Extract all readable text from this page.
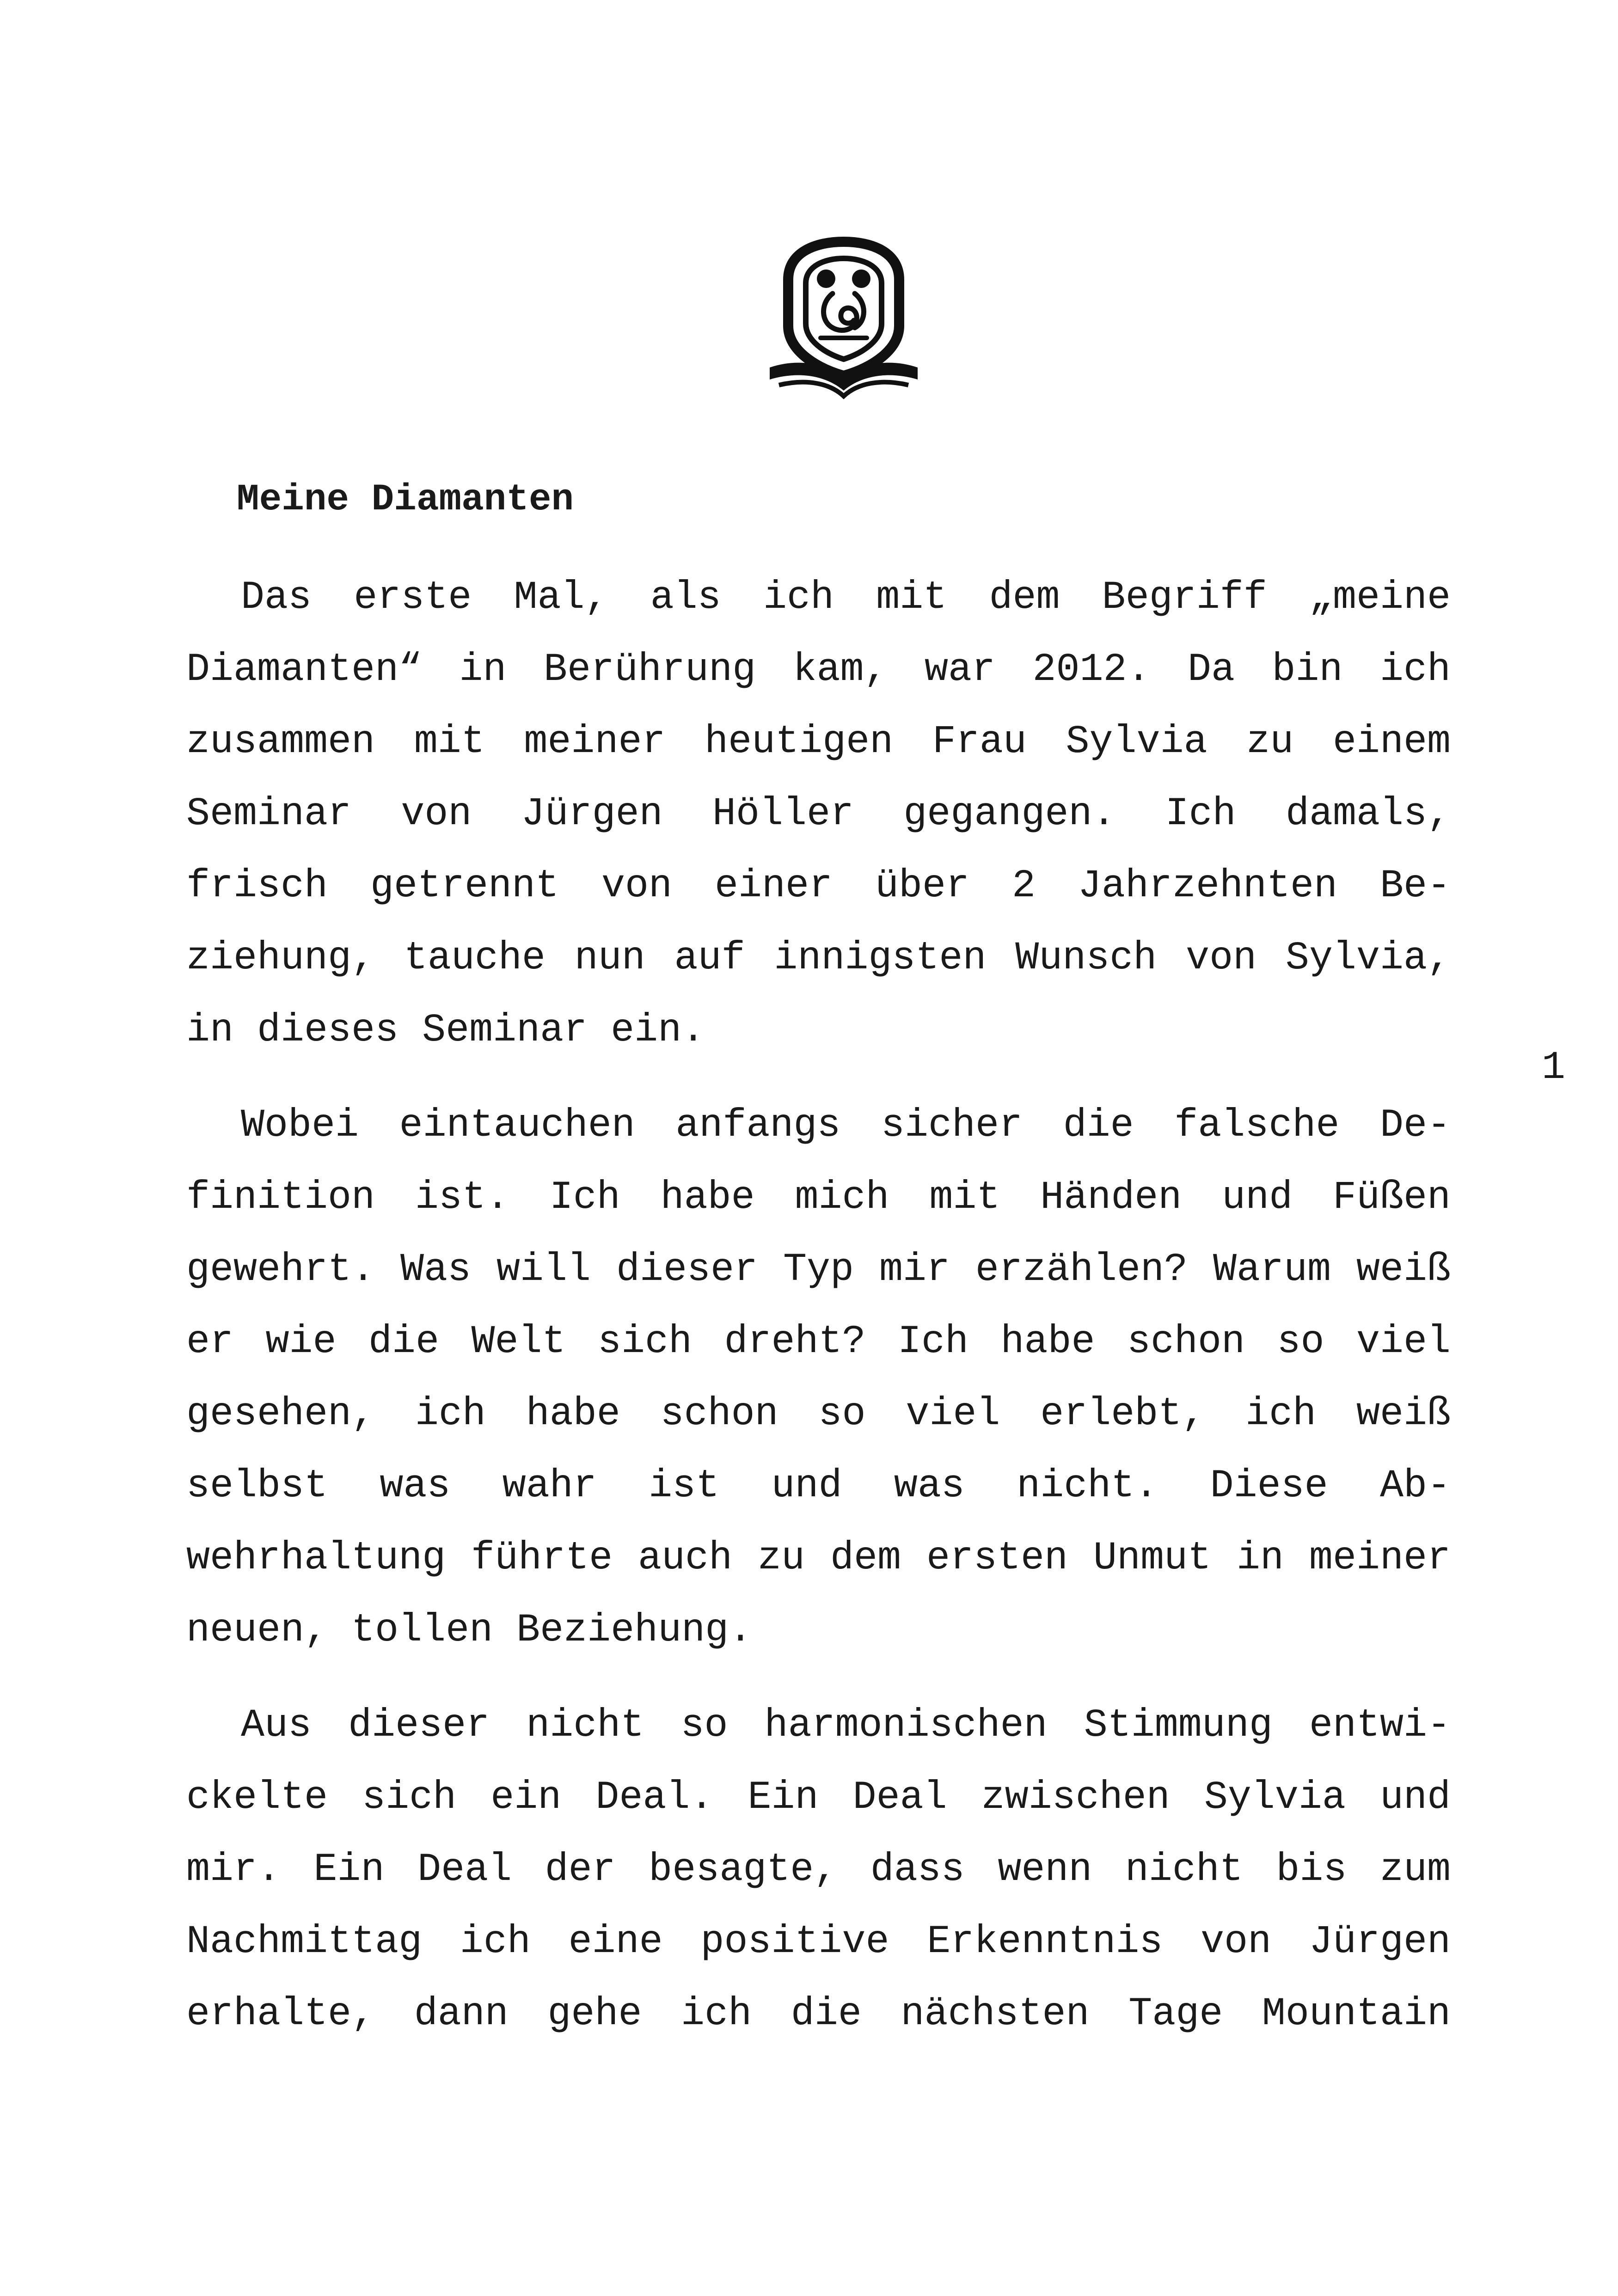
Meine Diamanten

Das erste Mal, als ich mit dem Begriff „meine Diamanten“ in Berührung kam, war 2012. Da bin ich zusammen mit meiner heutigen Frau Sylvia zu einem Seminar von Jürgen Höller gegangen. Ich damals, frisch getrennt von einer über 2 Jahrzehnten Beziehung, tauche nun auf innigsten Wunsch von Sylvia, in dieses Seminar ein.

Wobei eintauchen anfangs sicher die falsche Definition ist. Ich habe mich mit Händen und Füßen gewehrt. Was will dieser Typ mir erzählen? Warum weiß er wie die Welt sich dreht? Ich habe schon so viel gesehen, ich habe schon so viel erlebt, ich weiß selbst was wahr ist und was nicht. Diese Abwehrhaltung führte auch zu dem ersten Unmut in meiner neuen, tollen Beziehung.

Aus dieser nicht so harmonischen Stimmung entwickelte sich ein Deal. Ein Deal zwischen Sylvia und mir. Ein Deal der besagte, dass wenn nicht bis zum Nachmittag ich eine positive Erkenntnis von Jürgen erhalte, dann gehe ich die nächsten Tage Mountain

1
